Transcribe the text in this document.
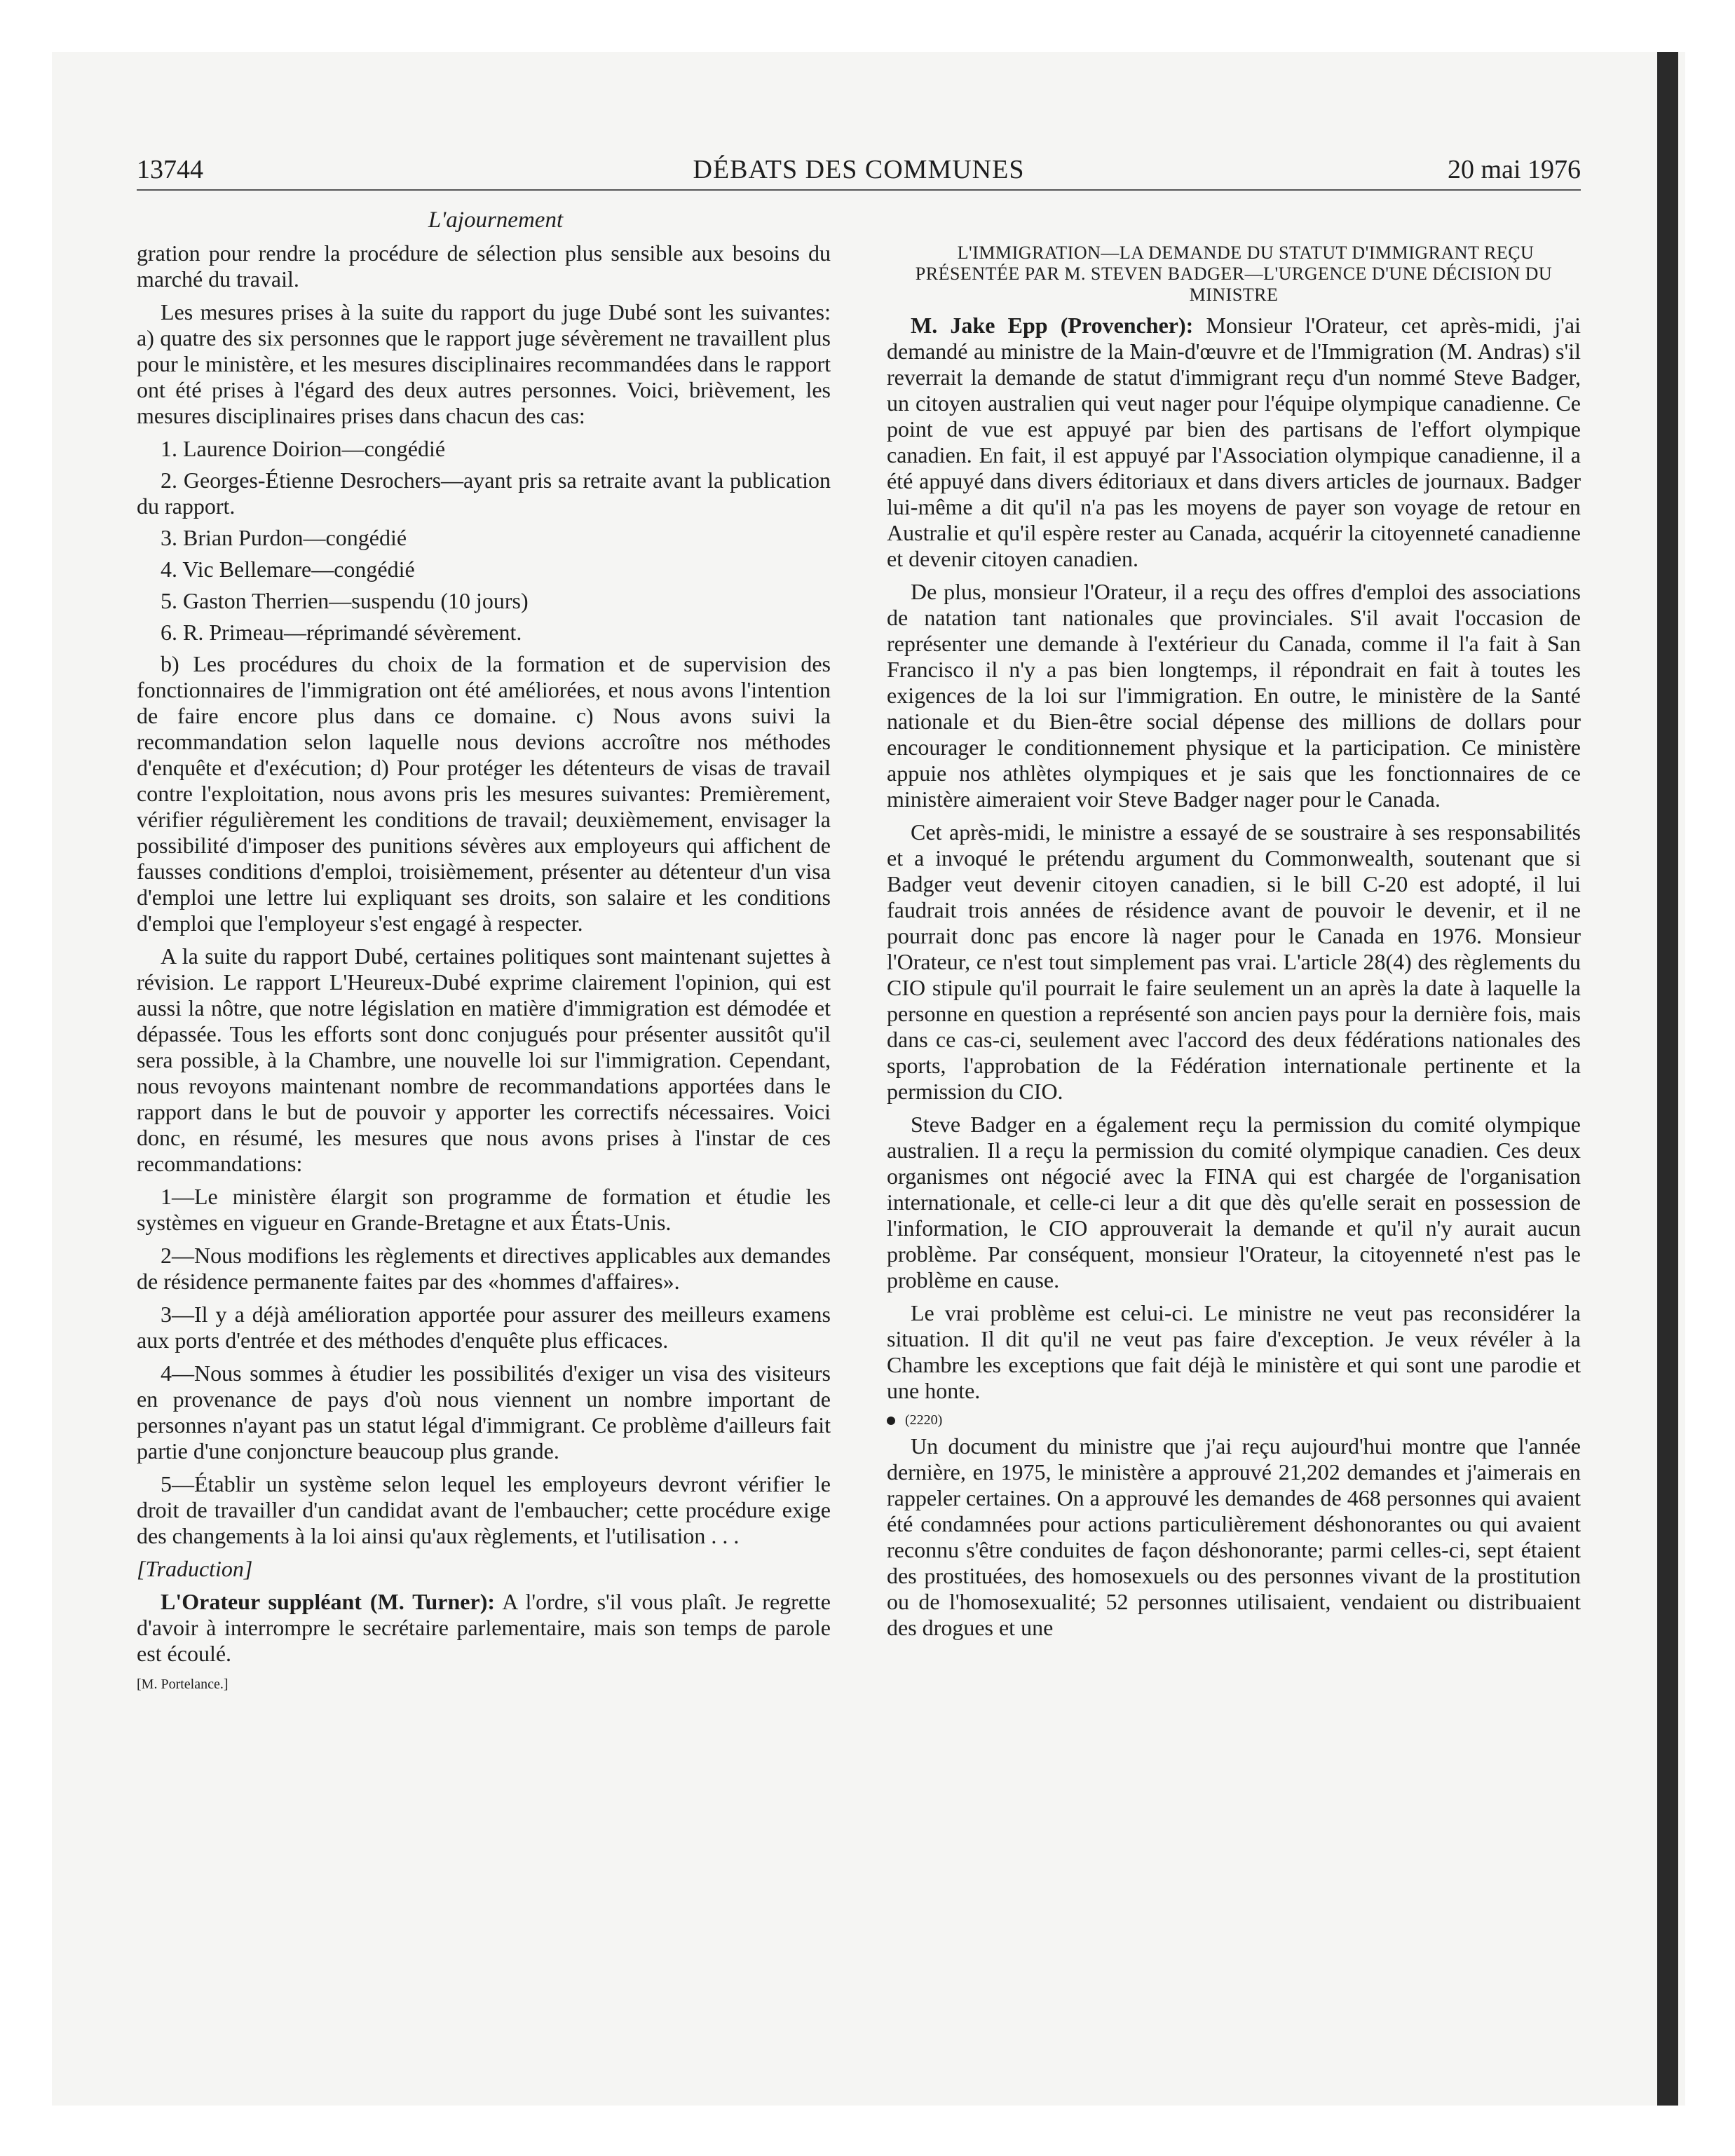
13744	DÉBATS DES COMMUNES	20 mai 1976

L'ajournement

gration pour rendre la procédure de sélection plus sensible aux besoins du marché du travail.

Les mesures prises à la suite du rapport du juge Dubé sont les suivantes: a) quatre des six personnes que le rapport juge sévèrement ne travaillent plus pour le ministère, et les mesures disciplinaires recommandées dans le rapport ont été prises à l'égard des deux autres personnes. Voici, brièvement, les mesures disciplinaires prises dans chacun des cas:

1. Laurence Doirion—congédié

2. Georges-Étienne Desrochers—ayant pris sa retraite avant la publication du rapport.

3. Brian Purdon—congédié

4. Vic Bellemare—congédié

5. Gaston Therrien—suspendu (10 jours)

6. R. Primeau—réprimandé sévèrement.

b) Les procédures du choix de la formation et de supervision des fonctionnaires de l'immigration ont été améliorées, et nous avons l'intention de faire encore plus dans ce domaine. c) Nous avons suivi la recommandation selon laquelle nous devions accroître nos méthodes d'enquête et d'exécution; d) Pour protéger les détenteurs de visas de travail contre l'exploitation, nous avons pris les mesures suivantes: Premièrement, vérifier régulièrement les conditions de travail; deuxièmement, envisager la possibilité d'imposer des punitions sévères aux employeurs qui affichent de fausses conditions d'emploi, troisièmement, présenter au détenteur d'un visa d'emploi une lettre lui expliquant ses droits, son salaire et les conditions d'emploi que l'employeur s'est engagé à respecter.

A la suite du rapport Dubé, certaines politiques sont maintenant sujettes à révision. Le rapport L'Heureux-Dubé exprime clairement l'opinion, qui est aussi la nôtre, que notre législation en matière d'immigration est démodée et dépassée. Tous les efforts sont donc conjugués pour présenter aussitôt qu'il sera possible, à la Chambre, une nouvelle loi sur l'immigration. Cependant, nous revoyons maintenant nombre de recommandations apportées dans le rapport dans le but de pouvoir y apporter les correctifs nécessaires. Voici donc, en résumé, les mesures que nous avons prises à l'instar de ces recommandations:

1—Le ministère élargit son programme de formation et étudie les systèmes en vigueur en Grande-Bretagne et aux États-Unis.

2—Nous modifions les règlements et directives applicables aux demandes de résidence permanente faites par des «hommes d'affaires».

3—Il y a déjà amélioration apportée pour assurer des meilleurs examens aux ports d'entrée et des méthodes d'enquête plus efficaces.

4—Nous sommes à étudier les possibilités d'exiger un visa des visiteurs en provenance de pays d'où nous viennent un nombre important de personnes n'ayant pas un statut légal d'immigrant. Ce problème d'ailleurs fait partie d'une conjoncture beaucoup plus grande.

5—Établir un système selon lequel les employeurs devront vérifier le droit de travailler d'un candidat avant de l'embaucher; cette procédure exige des changements à la loi ainsi qu'aux règlements, et l'utilisation . . .

[Traduction]

L'Orateur suppléant (M. Turner): A l'ordre, s'il vous plaît. Je regrette d'avoir à interrompre le secrétaire parlementaire, mais son temps de parole est écoulé.

[M. Portelance.]

L'IMMIGRATION—LA DEMANDE DU STATUT D'IMMIGRANT REÇU PRÉSENTÉE PAR M. STEVEN BADGER—L'URGENCE D'UNE DÉCISION DU MINISTRE

M. Jake Epp (Provencher): Monsieur l'Orateur, cet après-midi, j'ai demandé au ministre de la Main-d'œuvre et de l'Immigration (M. Andras) s'il reverrait la demande de statut d'immigrant reçu d'un nommé Steve Badger, un citoyen australien qui veut nager pour l'équipe olympique canadienne. Ce point de vue est appuyé par bien des partisans de l'effort olympique canadien. En fait, il est appuyé par l'Association olympique canadienne, il a été appuyé dans divers éditoriaux et dans divers articles de journaux. Badger lui-même a dit qu'il n'a pas les moyens de payer son voyage de retour en Australie et qu'il espère rester au Canada, acquérir la citoyenneté canadienne et devenir citoyen canadien.

De plus, monsieur l'Orateur, il a reçu des offres d'emploi des associations de natation tant nationales que provinciales. S'il avait l'occasion de représenter une demande à l'extérieur du Canada, comme il l'a fait à San Francisco il n'y a pas bien longtemps, il répondrait en fait à toutes les exigences de la loi sur l'immigration. En outre, le ministère de la Santé nationale et du Bien-être social dépense des millions de dollars pour encourager le conditionnement physique et la participation. Ce ministère appuie nos athlètes olympiques et je sais que les fonctionnaires de ce ministère aimeraient voir Steve Badger nager pour le Canada.

Cet après-midi, le ministre a essayé de se soustraire à ses responsabilités et a invoqué le prétendu argument du Commonwealth, soutenant que si Badger veut devenir citoyen canadien, si le bill C-20 est adopté, il lui faudrait trois années de résidence avant de pouvoir le devenir, et il ne pourrait donc pas encore là nager pour le Canada en 1976. Monsieur l'Orateur, ce n'est tout simplement pas vrai. L'article 28(4) des règlements du CIO stipule qu'il pourrait le faire seulement un an après la date à laquelle la personne en question a représenté son ancien pays pour la dernière fois, mais dans ce cas-ci, seulement avec l'accord des deux fédérations nationales des sports, l'approbation de la Fédération internationale pertinente et la permission du CIO.

Steve Badger en a également reçu la permission du comité olympique australien. Il a reçu la permission du comité olympique canadien. Ces deux organismes ont négocié avec la FINA qui est chargée de l'organisation internationale, et celle-ci leur a dit que dès qu'elle serait en possession de l'information, le CIO approuverait la demande et qu'il n'y aurait aucun problème. Par conséquent, monsieur l'Orateur, la citoyenneté n'est pas le problème en cause.

Le vrai problème est celui-ci. Le ministre ne veut pas reconsidérer la situation. Il dit qu'il ne veut pas faire d'exception. Je veux révéler à la Chambre les exceptions que fait déjà le ministère et qui sont une parodie et une honte.

(2220)

Un document du ministre que j'ai reçu aujourd'hui montre que l'année dernière, en 1975, le ministère a approuvé 21,202 demandes et j'aimerais en rappeler certaines. On a approuvé les demandes de 468 personnes qui avaient été condamnées pour actions particulièrement déshonorantes ou qui avaient reconnu s'être conduites de façon déshonorante; parmi celles-ci, sept étaient des prostituées, des homosexuels ou des personnes vivant de la prostitution ou de l'homosexualité; 52 personnes utilisaient, vendaient ou distribuaient des drogues et une
